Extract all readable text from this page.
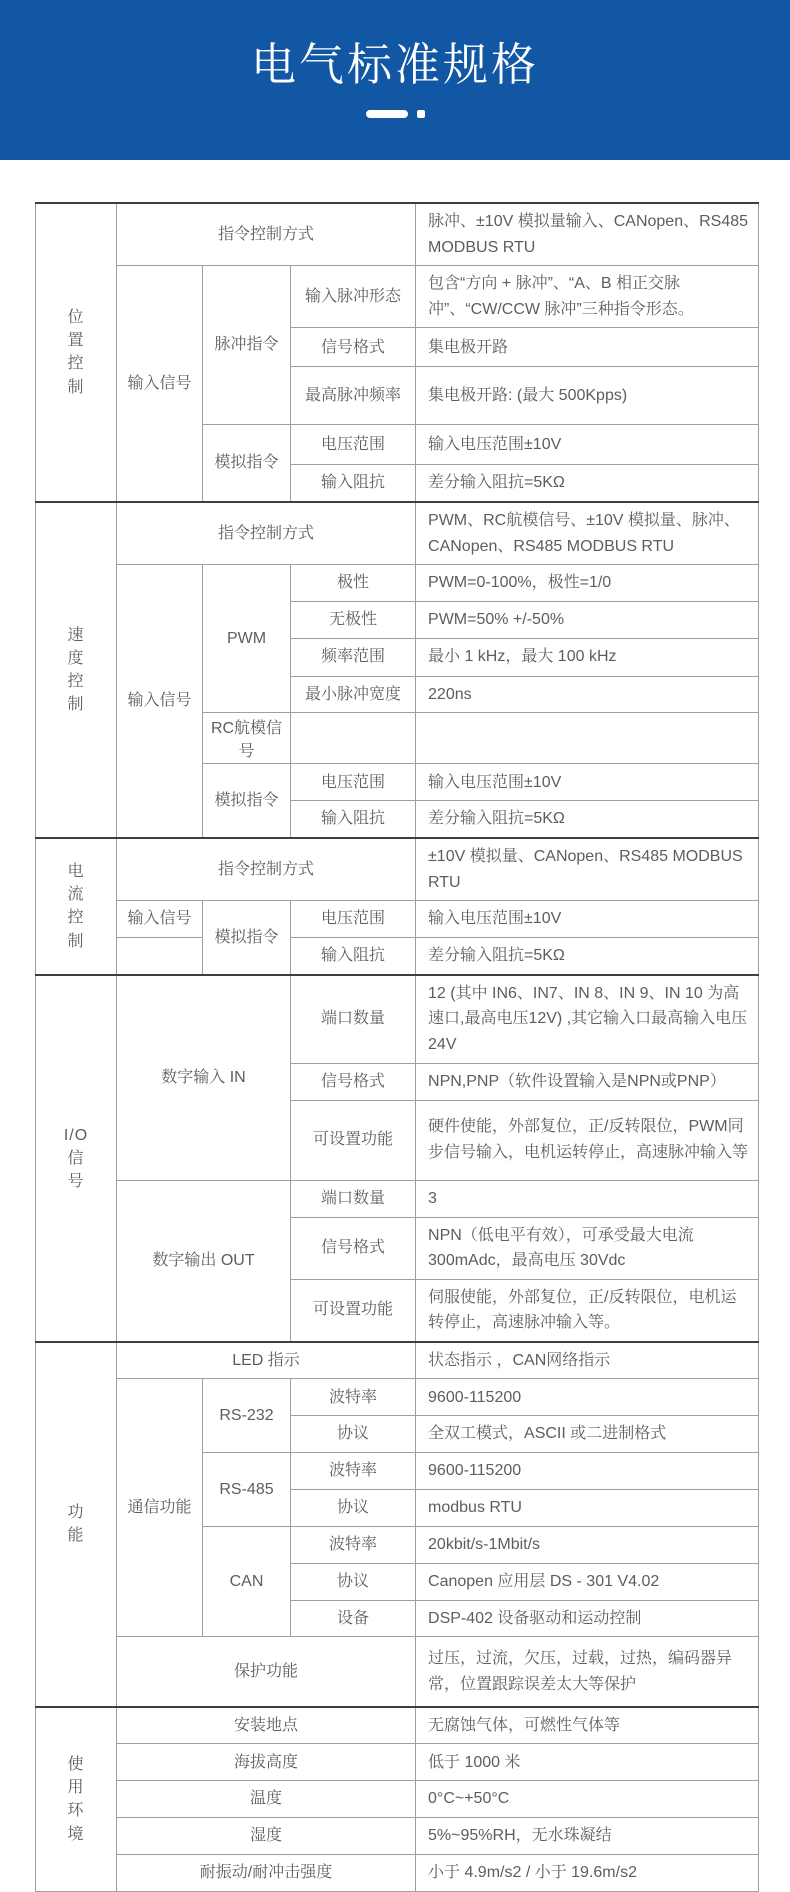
电气标准规格
位
置
控
制	指令控制方式			脉冲、±10V 模拟量输入、CANopen、RS485 MODBUS RTU
	输入信号	脉冲指令	输入脉冲形态	包含“方向 + 脉冲”、“A、B 相正交脉冲”、“CW/CCW 脉冲”三种指令形态。
			信号格式	集电极开路
			最高脉冲频率	集电极开路: (最大 500Kpps)
		模拟指令	电压范围	输入电压范围±10V
			输入阻抗	差分输入阻抗=5KΩ

速
度
控
制	指令控制方式			PWM、RC航模信号、±10V 模拟量、脉冲、CANopen、RS485 MODBUS RTU
	输入信号	PWM	极性	PWM=0-100%，极性=1/0
			无极性	PWM=50% +/-50%
			频率范围	最小 1 kHz，最大 100 kHz
			最小脉冲宽度	220ns
		RC航模信号		
		模拟指令	电压范围	输入电压范围±10V
			输入阻抗	差分输入阻抗=5KΩ

电
流
控
制	指令控制方式			±10V 模拟量、CANopen、RS485 MODBUS RTU
	输入信号	模拟指令	电压范围	输入电压范围±10V
			输入阻抗	差分输入阻抗=5KΩ

I/O
信
号	数字输入 IN		端口数量	12 (其中 IN6、IN7、IN 8、IN 9、IN 10 为高速口,最高电压12V) ,其它输入口最高输入电压24V
			信号格式	NPN,PNP（软件设置输入是NPN或PNP）
			可设置功能	硬件使能，外部复位，正/反转限位，PWM同步信号输入，电机运转停止，高速脉冲输入等
	数字输出 OUT		端口数量	3
			信号格式	NPN（低电平有效），可承受最大电流 300mAdc，最高电压 30Vdc
			可设置功能	伺服使能，外部复位，正/反转限位，电机运转停止，高速脉冲输入等。

功
能	LED 指示			状态指示 ，CAN网络指示
	通信功能	RS-232	波特率	9600-115200
			协议	全双工模式，ASCII 或二进制格式
		RS-485	波特率	9600-115200
			协议	modbus RTU
		CAN	波特率	20kbit/s-1Mbit/s
			协议	Canopen 应用层 DS - 301 V4.02
			设备	DSP-402 设备驱动和运动控制
	保护功能			过压，过流，欠压，过载，过热，编码器异常，位置跟踪误差太大等保护

使
用
环
境	安装地点			无腐蚀气体，可燃性气体等
	海拔高度			低于 1000 米
	温度			0°C~+50°C
	湿度			5%~95%RH，无水珠凝结
	耐振动/耐冲击强度			小于 4.9m/s2 / 小于 19.6m/s2
